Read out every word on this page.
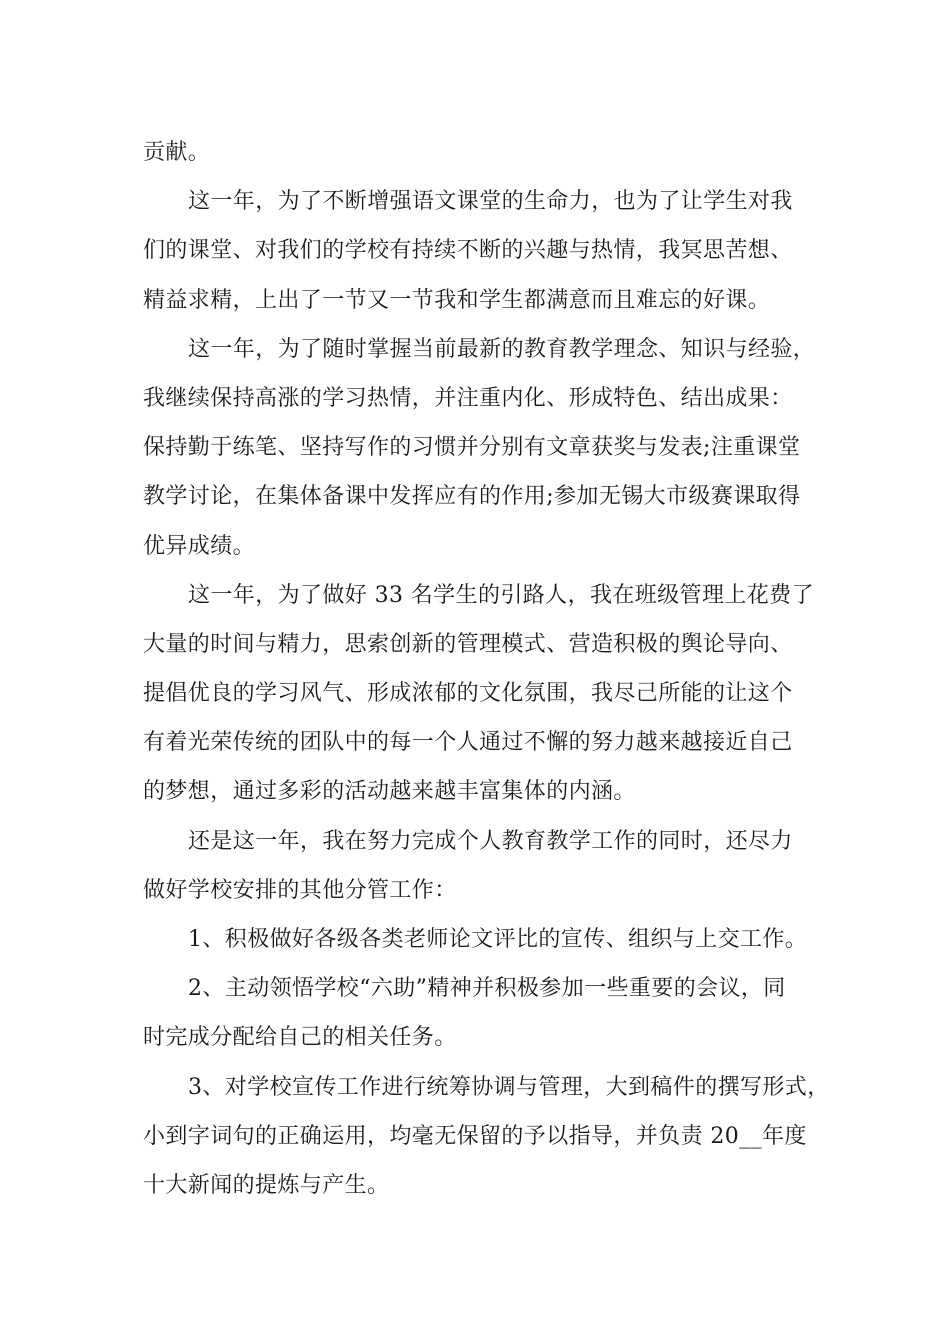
贡献。
这一年，为了不断增强语文课堂的生命力，也为了让学生对我
们的课堂、对我们的学校有持续不断的兴趣与热情，我冥思苦想、
精益求精，上出了一节又一节我和学生都满意而且难忘的好课。
这一年，为了随时掌握当前最新的教育教学理念、知识与经验，
我继续保持高涨的学习热情，并注重内化、形成特色、结出成果：
保持勤于练笔、坚持写作的习惯并分别有文章获奖与发表;注重课堂
教学讨论，在集体备课中发挥应有的作用;参加无锡大市级赛课取得
优异成绩。
这一年，为了做好 33 名学生的引路人，我在班级管理上花费了
大量的时间与精力，思索创新的管理模式、营造积极的舆论导向、
提倡优良的学习风气、形成浓郁的文化氛围，我尽己所能的让这个
有着光荣传统的团队中的每一个人通过不懈的努力越来越接近自己
的梦想，通过多彩的活动越来越丰富集体的内涵。
还是这一年，我在努力完成个人教育教学工作的同时，还尽力
做好学校安排的其他分管工作：
1、积极做好各级各类老师论文评比的宣传、组织与上交工作。
2、主动领悟学校“六助”精神并积极参加一些重要的会议，同
时完成分配给自己的相关任务。
3、对学校宣传工作进行统筹协调与管理，大到稿件的撰写形式，
小到字词句的正确运用，均毫无保留的予以指导，并负责 20__年度
十大新闻的提炼与产生。
